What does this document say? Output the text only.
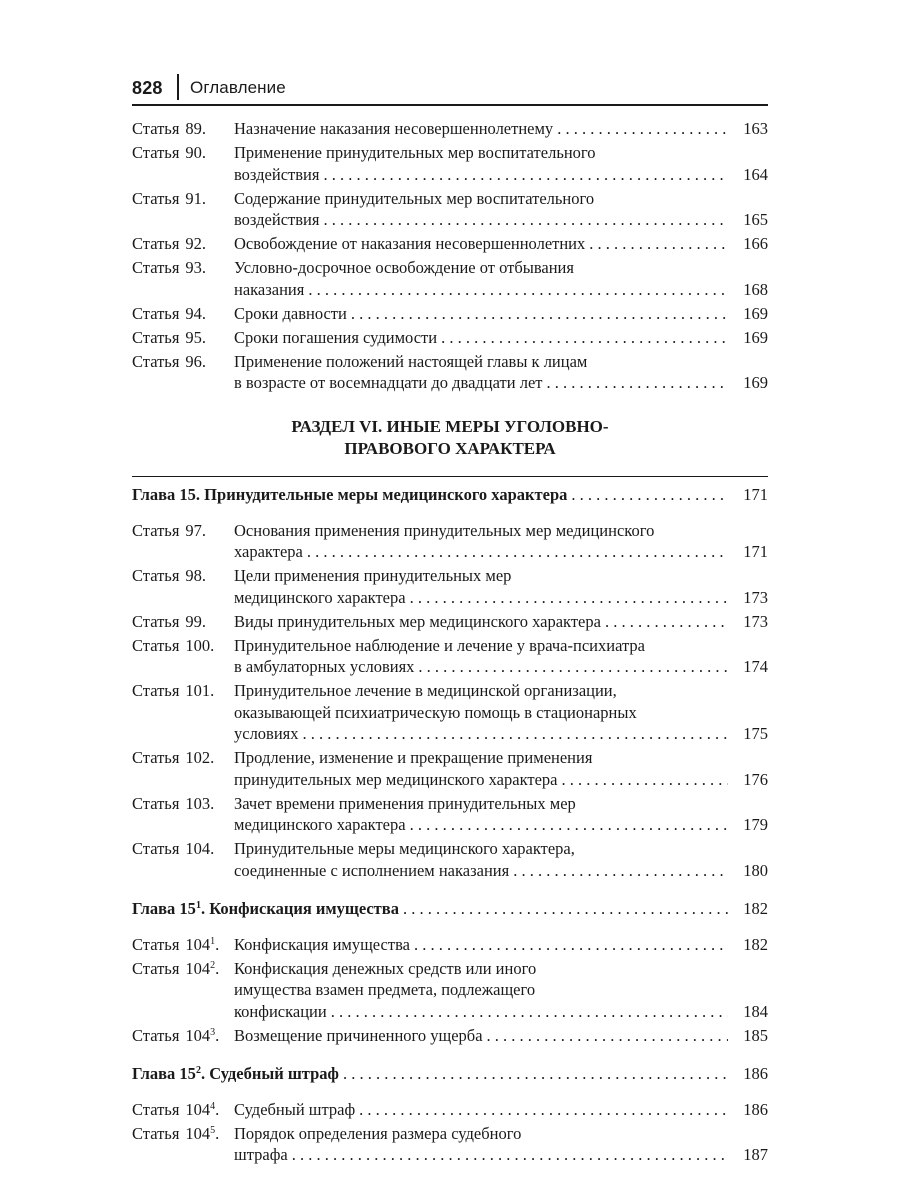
828 Оглавление
Статья 89. Назначение наказания несовершеннолетнему . . .	163
Статья 90. Применение принудительных мер воспитательного
воздействия . . .	164
Статья 91. Содержание принудительных мер воспитательного
воздействия . . .	165
Статья 92. Освобождение от наказания несовершеннолетних . . .	166
Статья 93. Условно-досрочное освобождение от отбывания
наказания . . .	168
Статья 94. Сроки давности . . .	169
Статья 95. Сроки погашения судимости . . .	169
Статья 96. Применение положений настоящей главы к лицам
в возрасте от восемнадцати до двадцати лет . . .	169
РАЗДЕЛ VI. ИНЫЕ МЕРЫ УГОЛОВНО-
ПРАВОВОГО ХАРАКТЕРА
Глава 15. Принудительные меры медицинского характера . . .	171
Статья 97. Основания применения принудительных мер медицинского
характера . . .	171
Статья 98. Цели применения принудительных мер
медицинского характера . . .	173
Статья 99. Виды принудительных мер медицинского характера . . .	173
Статья 100. Принудительное наблюдение и лечение у врача-психиатра
в амбулаторных условиях . . .	174
Статья 101. Принудительное лечение в медицинской организации,
оказывающей психиатрическую помощь в стационарных
условиях . . .	175
Статья 102. Продление, изменение и прекращение применения
принудительных мер медицинского характера . . .	176
Статья 103. Зачет времени применения принудительных мер
медицинского характера . . .	179
Статья 104. Принудительные меры медицинского характера,
соединенные с исполнением наказания . . .	180
Глава $15^1$. Конфискация имущества . . .	182
Статья $104^1$. Конфискация имущества . . .	182
Статья $104^2$. Конфискация денежных средств или иного
имущества взамен предмета, подлежащего
конфискации . . .	184
Статья $104^3$. Возмещение причиненного ущерба . . .	185
Глава $15^2$. Судебный штраф . . .	186
Статья $104^4$. Судебный штраф . . .	186
Статья $104^5$. Порядок определения размера судебного
штрафа . . .	187
